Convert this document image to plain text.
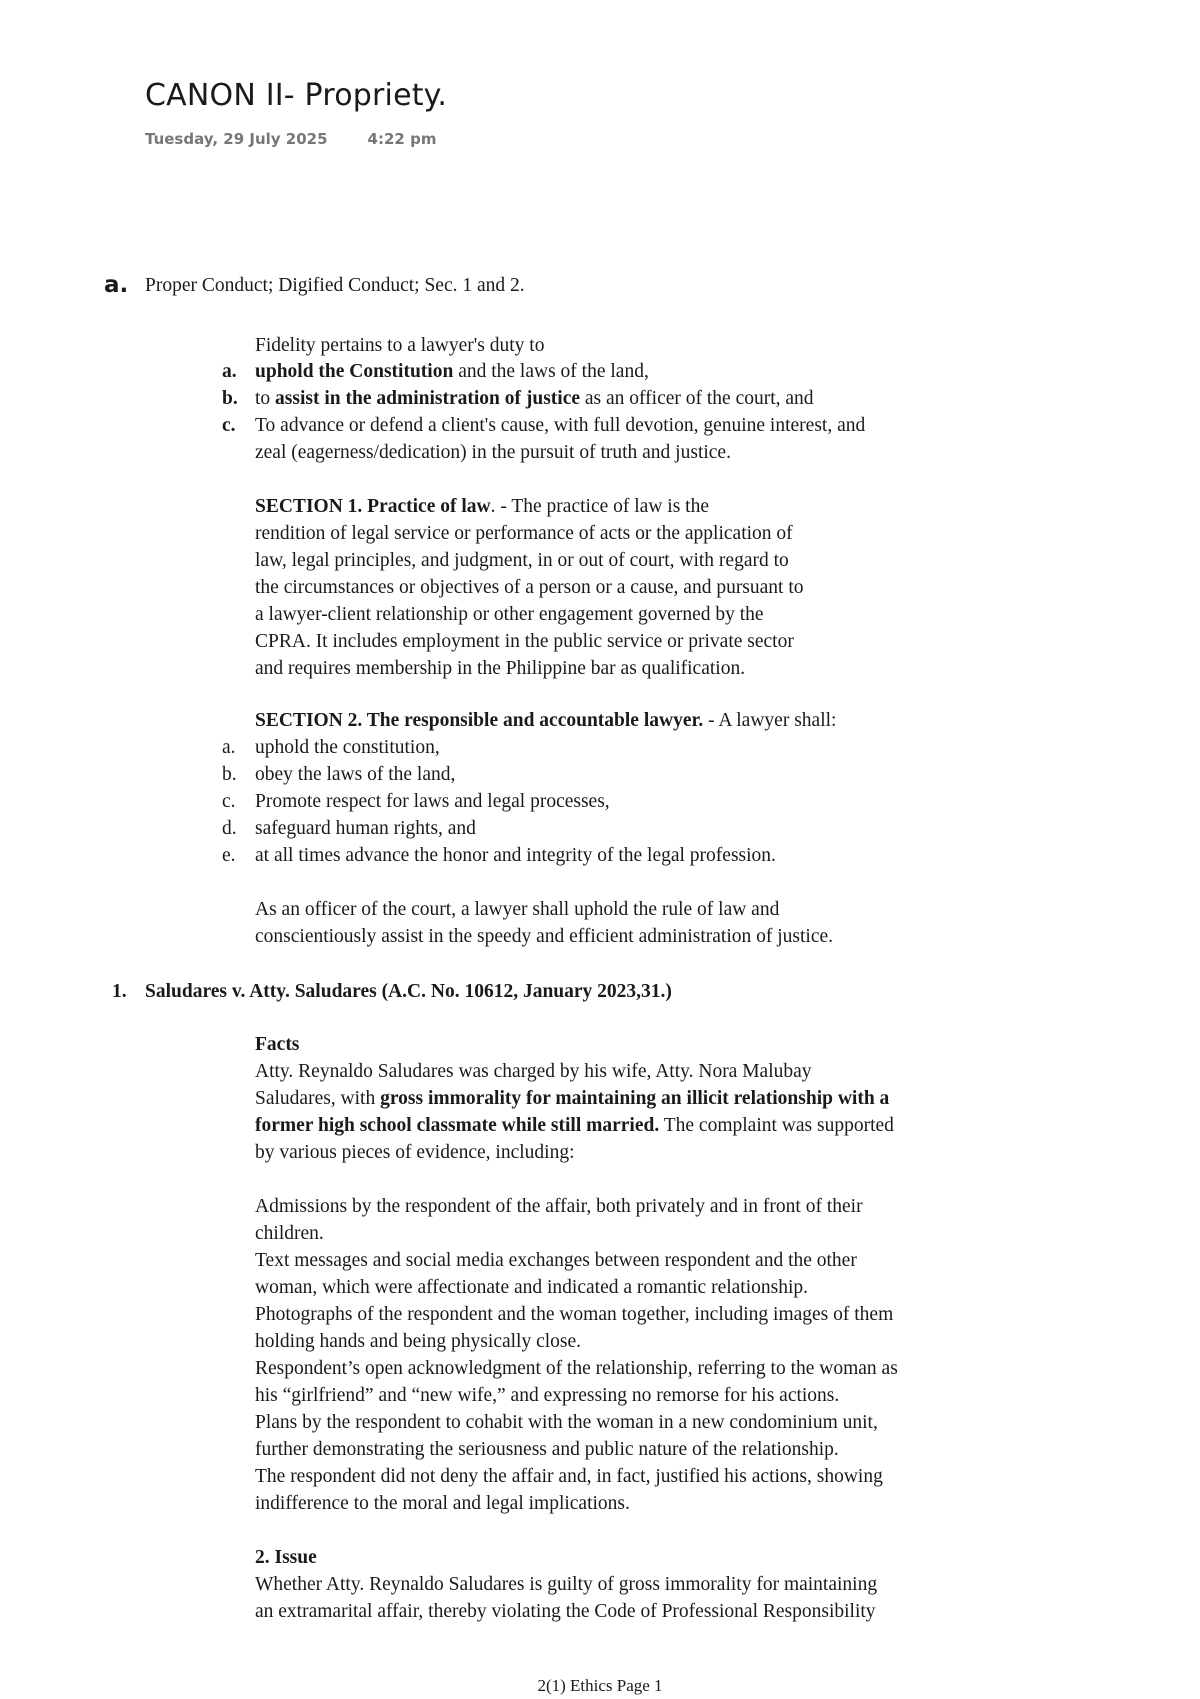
CANON II- Propriety.
Tuesday, 29 July 2025	4:22 pm
a. Proper Conduct; Digified Conduct; Sec. 1 and 2.
Fidelity pertains to a lawyer's duty to
a. uphold the Constitution and the laws of the land,
b. to assist in the administration of justice as an officer of the court, and
c. To advance or defend a client's cause, with full devotion, genuine interest, and
zeal (eagerness/dedication) in the pursuit of truth and justice.
SECTION 1. Practice of law. - The practice of law is the
rendition of legal service or performance of acts or the application of
law, legal principles, and judgment, in or out of court, with regard to
the circumstances or objectives of a person or a cause, and pursuant to
a lawyer-client relationship or other engagement governed by the
CPRA. It includes employment in the public service or private sector
and requires membership in the Philippine bar as qualification.
SECTION 2. The responsible and accountable lawyer. - A lawyer shall:
a. uphold the constitution,
b. obey the laws of the land,
c. Promote respect for laws and legal processes,
d. safeguard human rights, and
e. at all times advance the honor and integrity of the legal profession.
As an officer of the court, a lawyer shall uphold the rule of law and
conscientiously assist in the speedy and efficient administration of justice.
1. Saludares v. Atty. Saludares (A.C. No. 10612, January 2023,31.)
Facts
Atty. Reynaldo Saludares was charged by his wife, Atty. Nora Malubay
Saludares, with gross immorality for maintaining an illicit relationship with a
former high school classmate while still married. The complaint was supported
by various pieces of evidence, including:
Admissions by the respondent of the affair, both privately and in front of their
children.
Text messages and social media exchanges between respondent and the other
woman, which were affectionate and indicated a romantic relationship.
Photographs of the respondent and the woman together, including images of them
holding hands and being physically close.
Respondent’s open acknowledgment of the relationship, referring to the woman as
his “girlfriend” and “new wife,” and expressing no remorse for his actions.
Plans by the respondent to cohabit with the woman in a new condominium unit,
further demonstrating the seriousness and public nature of the relationship.
The respondent did not deny the affair and, in fact, justified his actions, showing
indifference to the moral and legal implications.
2. Issue
Whether Atty. Reynaldo Saludares is guilty of gross immorality for maintaining
an extramarital affair, thereby violating the Code of Professional Responsibility
2(1) Ethics Page 1
